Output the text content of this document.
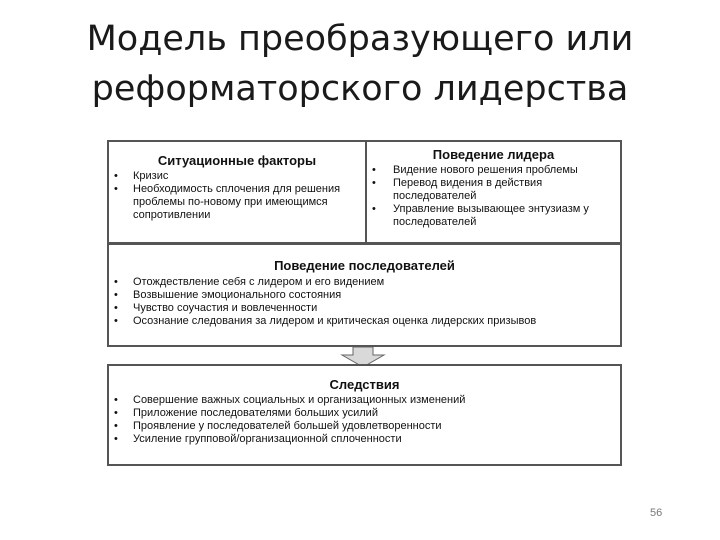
Модель преобразующего или
реформаторского лидерства

Ситуационные факторы

• Кризис
• Необходимость сплочения для решения проблемы по-новому при имеющимся сопротивлении

Поведение лидера

• Видение нового решения проблемы
• Перевод видения в действия последователей
• Управление вызывающее энтузиазм у последователей

Поведение последователей

• Отождествление себя с лидером и его видением
• Возвышение эмоционального состояния
• Чувство соучастия и вовлеченности
• Осознание следования за лидером и критическая оценка лидерских призывов

Следствия

• Совершение важных социальных и организационных изменений
• Приложение последователями больших усилий
• Проявление у последователей большей удовлетворенности
• Усиление групповой/организационной сплоченности
56
